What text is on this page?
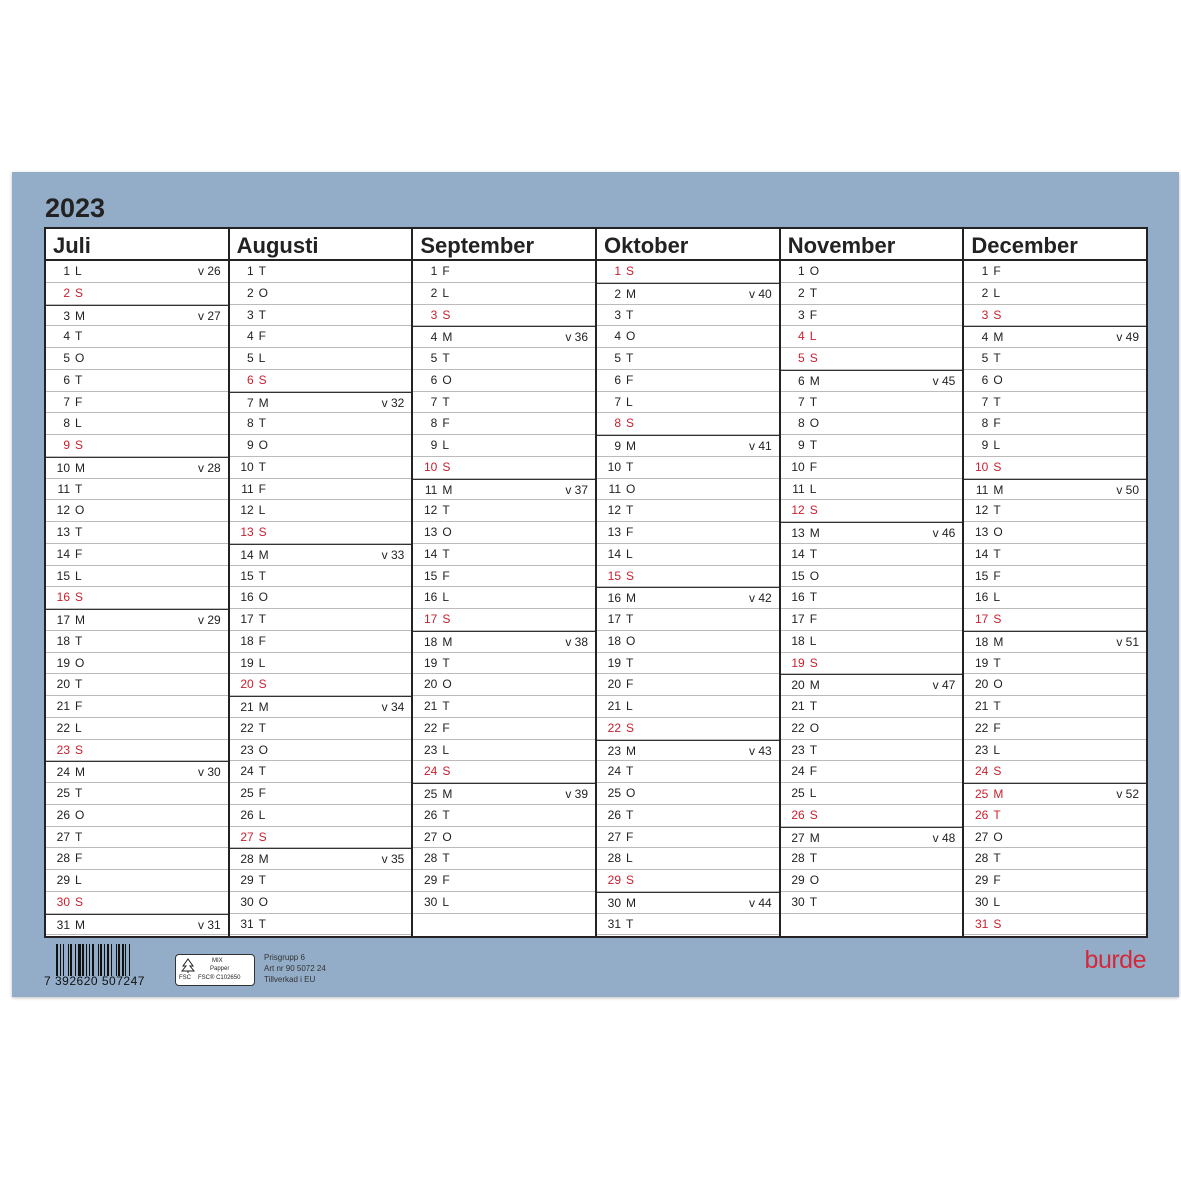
2023
Juli
1 L	v 26
2 S
3 M	v 27
4 T
5 O
6 T
7 F
8 L
9 S
10 M	v 28
11 T
12 O
13 T
14 F
15 L
16 S
17 M	v 29
18 T
19 O
20 T
21 F
22 L
23 S
24 M	v 30
25 T
26 O
27 T
28 F
29 L
30 S
31 M	v 31
Augusti
1 T
2 O
3 T
4 F
5 L
6 S
7 M	v 32
8 T
9 O
10 T
11 F
12 L
13 S
14 M	v 33
15 T
16 O
17 T
18 F
19 L
20 S
21 M	v 34
22 T
23 O
24 T
25 F
26 L
27 S
28 M	v 35
29 T
30 O
31 T
September
1 F
2 L
3 S
4 M	v 36
5 T
6 O
7 T
8 F
9 L
10 S
11 M	v 37
12 T
13 O
14 T
15 F
16 L
17 S
18 M	v 38
19 T
20 O
21 T
22 F
23 L
24 S
25 M	v 39
26 T
27 O
28 T
29 F
30 L
Oktober
1 S
2 M	v 40
3 T
4 O
5 T
6 F
7 L
8 S
9 M	v 41
10 T
11 O
12 T
13 F
14 L
15 S
16 M	v 42
17 T
18 O
19 T
20 F
21 L
22 S
23 M	v 43
24 T
25 O
26 T
27 F
28 L
29 S
30 M	v 44
31 T
November
1 O
2 T
3 F
4 L
5 S
6 M	v 45
7 T
8 O
9 T
10 F
11 L
12 S
13 M	v 46
14 T
15 O
16 T
17 F
18 L
19 S
20 M	v 47
21 T
22 O
23 T
24 F
25 L
26 S
27 M	v 48
28 T
29 O
30 T
December
1 F
2 L
3 S
4 M	v 49
5 T
6 O
7 T
8 F
9 L
10 S
11 M	v 50
12 T
13 O
14 T
15 F
16 L
17 S
18 M	v 51
19 T
20 O
21 T
22 F
23 L
24 S
25 M	v 52
26 T
27 O
28 T
29 F
30 L
31 S
7 392620 507247
MIX
Papper
FSC FSC® C102650
Prisgrupp 6
Art nr 90 5072 24
Tillverkad i EU
burde
